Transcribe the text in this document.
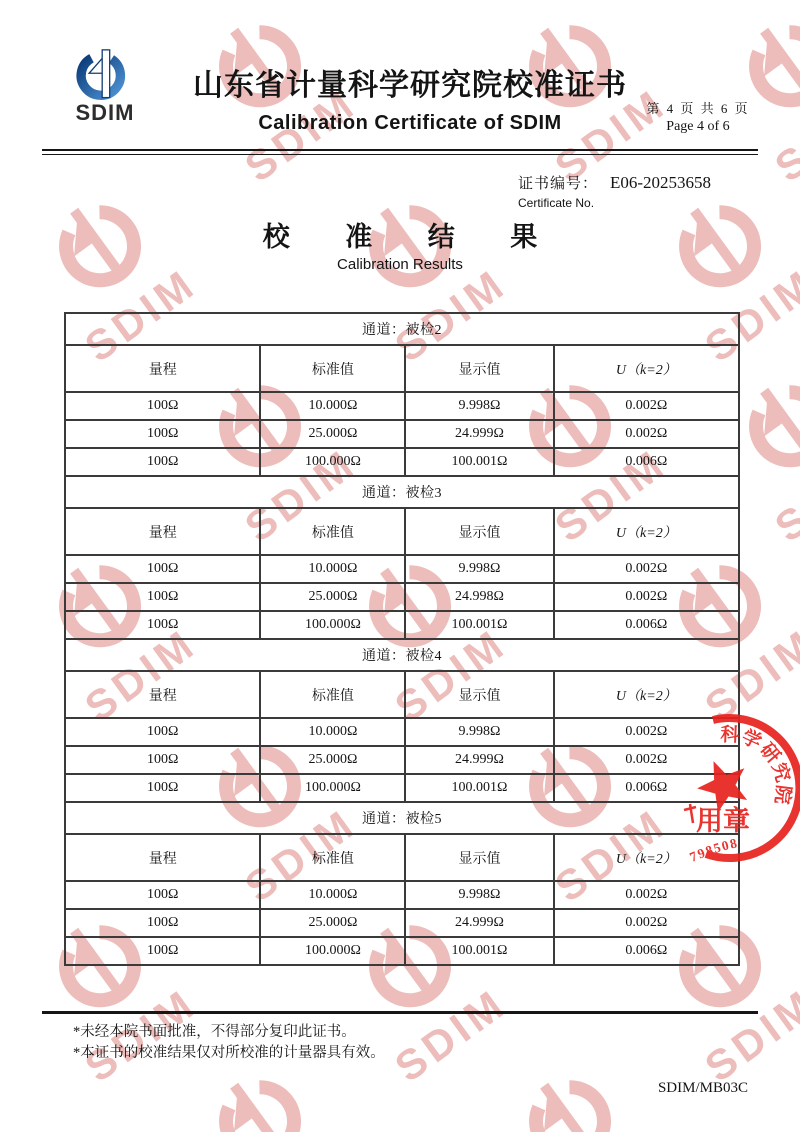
SDIM
山东省计量科学研究院校准证书
Calibration Certificate of SDIM
第 4 页 共 6 页
Page 4 of 6
证书编号： E06-20253658
Certificate No.
校 准 结 果
Calibration Results
通道：被检2			
量程	标准值	显示值	U（k=2）
100Ω	10.000Ω	9.998Ω	0.002Ω
100Ω	25.000Ω	24.999Ω	0.002Ω
100Ω	100.000Ω	100.001Ω	0.006Ω
通道：被检3			
量程	标准值	显示值	U（k=2）
100Ω	10.000Ω	9.998Ω	0.002Ω
100Ω	25.000Ω	24.998Ω	0.002Ω
100Ω	100.000Ω	100.001Ω	0.006Ω
通道：被检4			
量程	标准值	显示值	U（k=2）
100Ω	10.000Ω	9.998Ω	0.002Ω
100Ω	25.000Ω	24.999Ω	0.002Ω
100Ω	100.000Ω	100.001Ω	0.006Ω
通道：被检5			
量程	标准值	显示值	U（k=2）
100Ω	10.000Ω	9.998Ω	0.002Ω
100Ω	25.000Ω	24.999Ω	0.002Ω
100Ω	100.000Ω	100.001Ω	0.006Ω
科
学
研
究
院
用章
798508
*未经本院书面批准，不得部分复印此证书。
*本证书的校准结果仅对所校准的计量器具有效。
SDIM/MB03C
